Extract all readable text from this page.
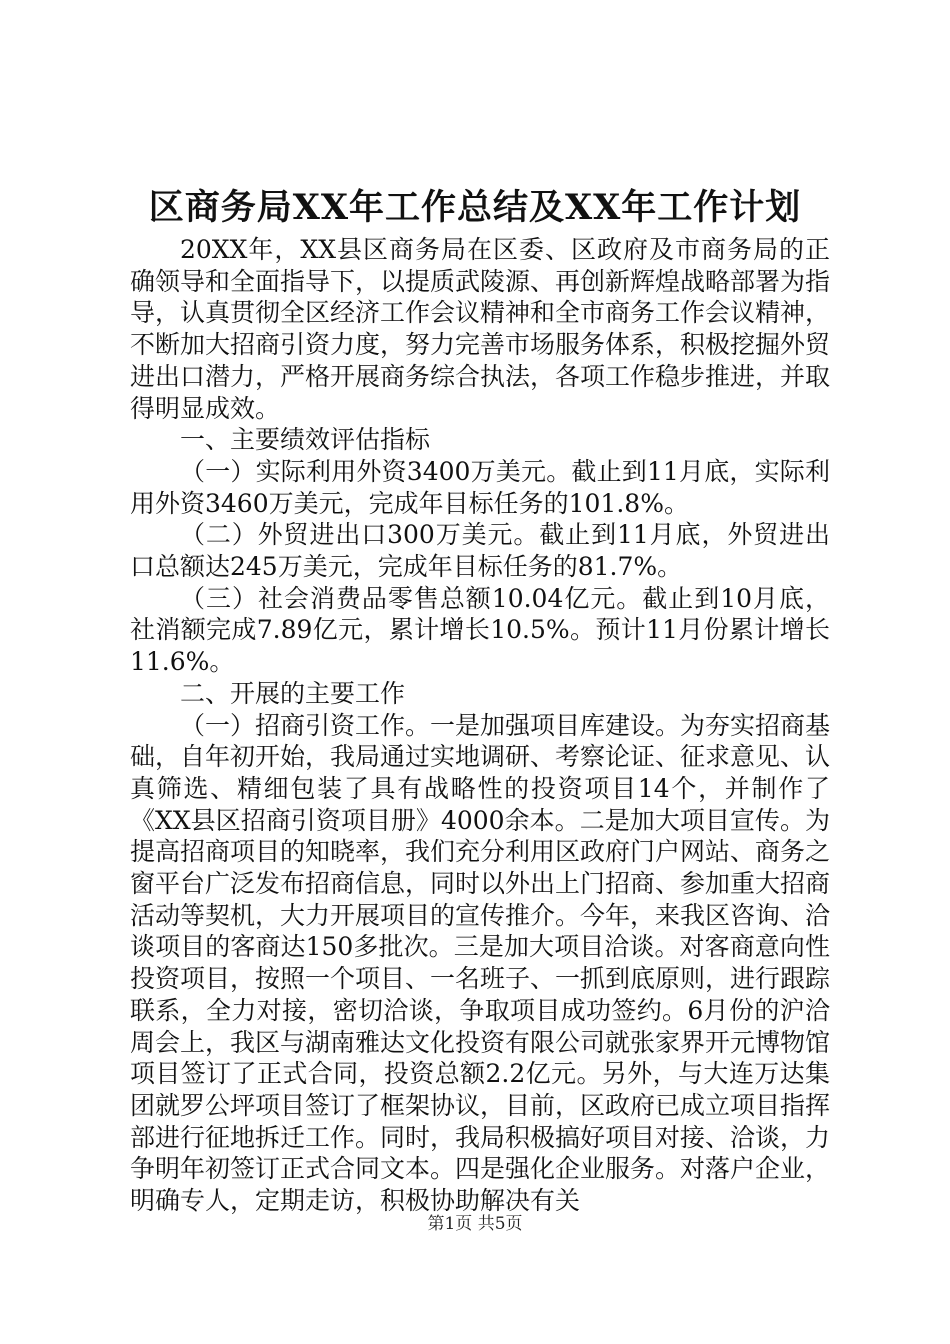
区商务局XX年工作总结及XX年工作计划

20XX年，XX县区商务局在区委、区政府及市商务局的正确领导和全面指导下，以提质武陵源、再创新辉煌战略部署为指导，认真贯彻全区经济工作会议精神和全市商务工作会议精神，不断加大招商引资力度，努力完善市场服务体系，积极挖掘外贸进出口潜力，严格开展商务综合执法，各项工作稳步推进，并取得明显成效。

一、主要绩效评估指标

（一）实际利用外资3400万美元。截止到11月底，实际利用外资3460万美元，完成年目标任务的101.8%。

（二）外贸进出口300万美元。截止到11月底，外贸进出口总额达245万美元，完成年目标任务的81.7%。

（三）社会消费品零售总额10.04亿元。截止到10月底，社消额完成7.89亿元，累计增长10.5%。预计11月份累计增长11.6%。

二、开展的主要工作

（一）招商引资工作。一是加强项目库建设。为夯实招商基础，自年初开始，我局通过实地调研、考察论证、征求意见、认真筛选、精细包装了具有战略性的投资项目14个，并制作了《XX县区招商引资项目册》4000余本。二是加大项目宣传。为提高招商项目的知晓率，我们充分利用区政府门户网站、商务之窗平台广泛发布招商信息，同时以外出上门招商、参加重大招商活动等契机，大力开展项目的宣传推介。今年，来我区咨询、洽谈项目的客商达150多批次。三是加大项目洽谈。对客商意向性投资项目，按照一个项目、一名班子、一抓到底原则，进行跟踪联系，全力对接，密切洽谈，争取项目成功签约。6月份的沪洽周会上，我区与湖南雅达文化投资有限公司就张家界开元博物馆项目签订了正式合同，投资总额2.2亿元。另外，与大连万达集团就罗公坪项目签订了框架协议，目前，区政府已成立项目指挥部进行征地拆迁工作。同时，我局积极搞好项目对接、洽谈，力争明年初签订正式合同文本。四是强化企业服务。对落户企业，明确专人，定期走访，积极协助解决有关

第1页 共5页
